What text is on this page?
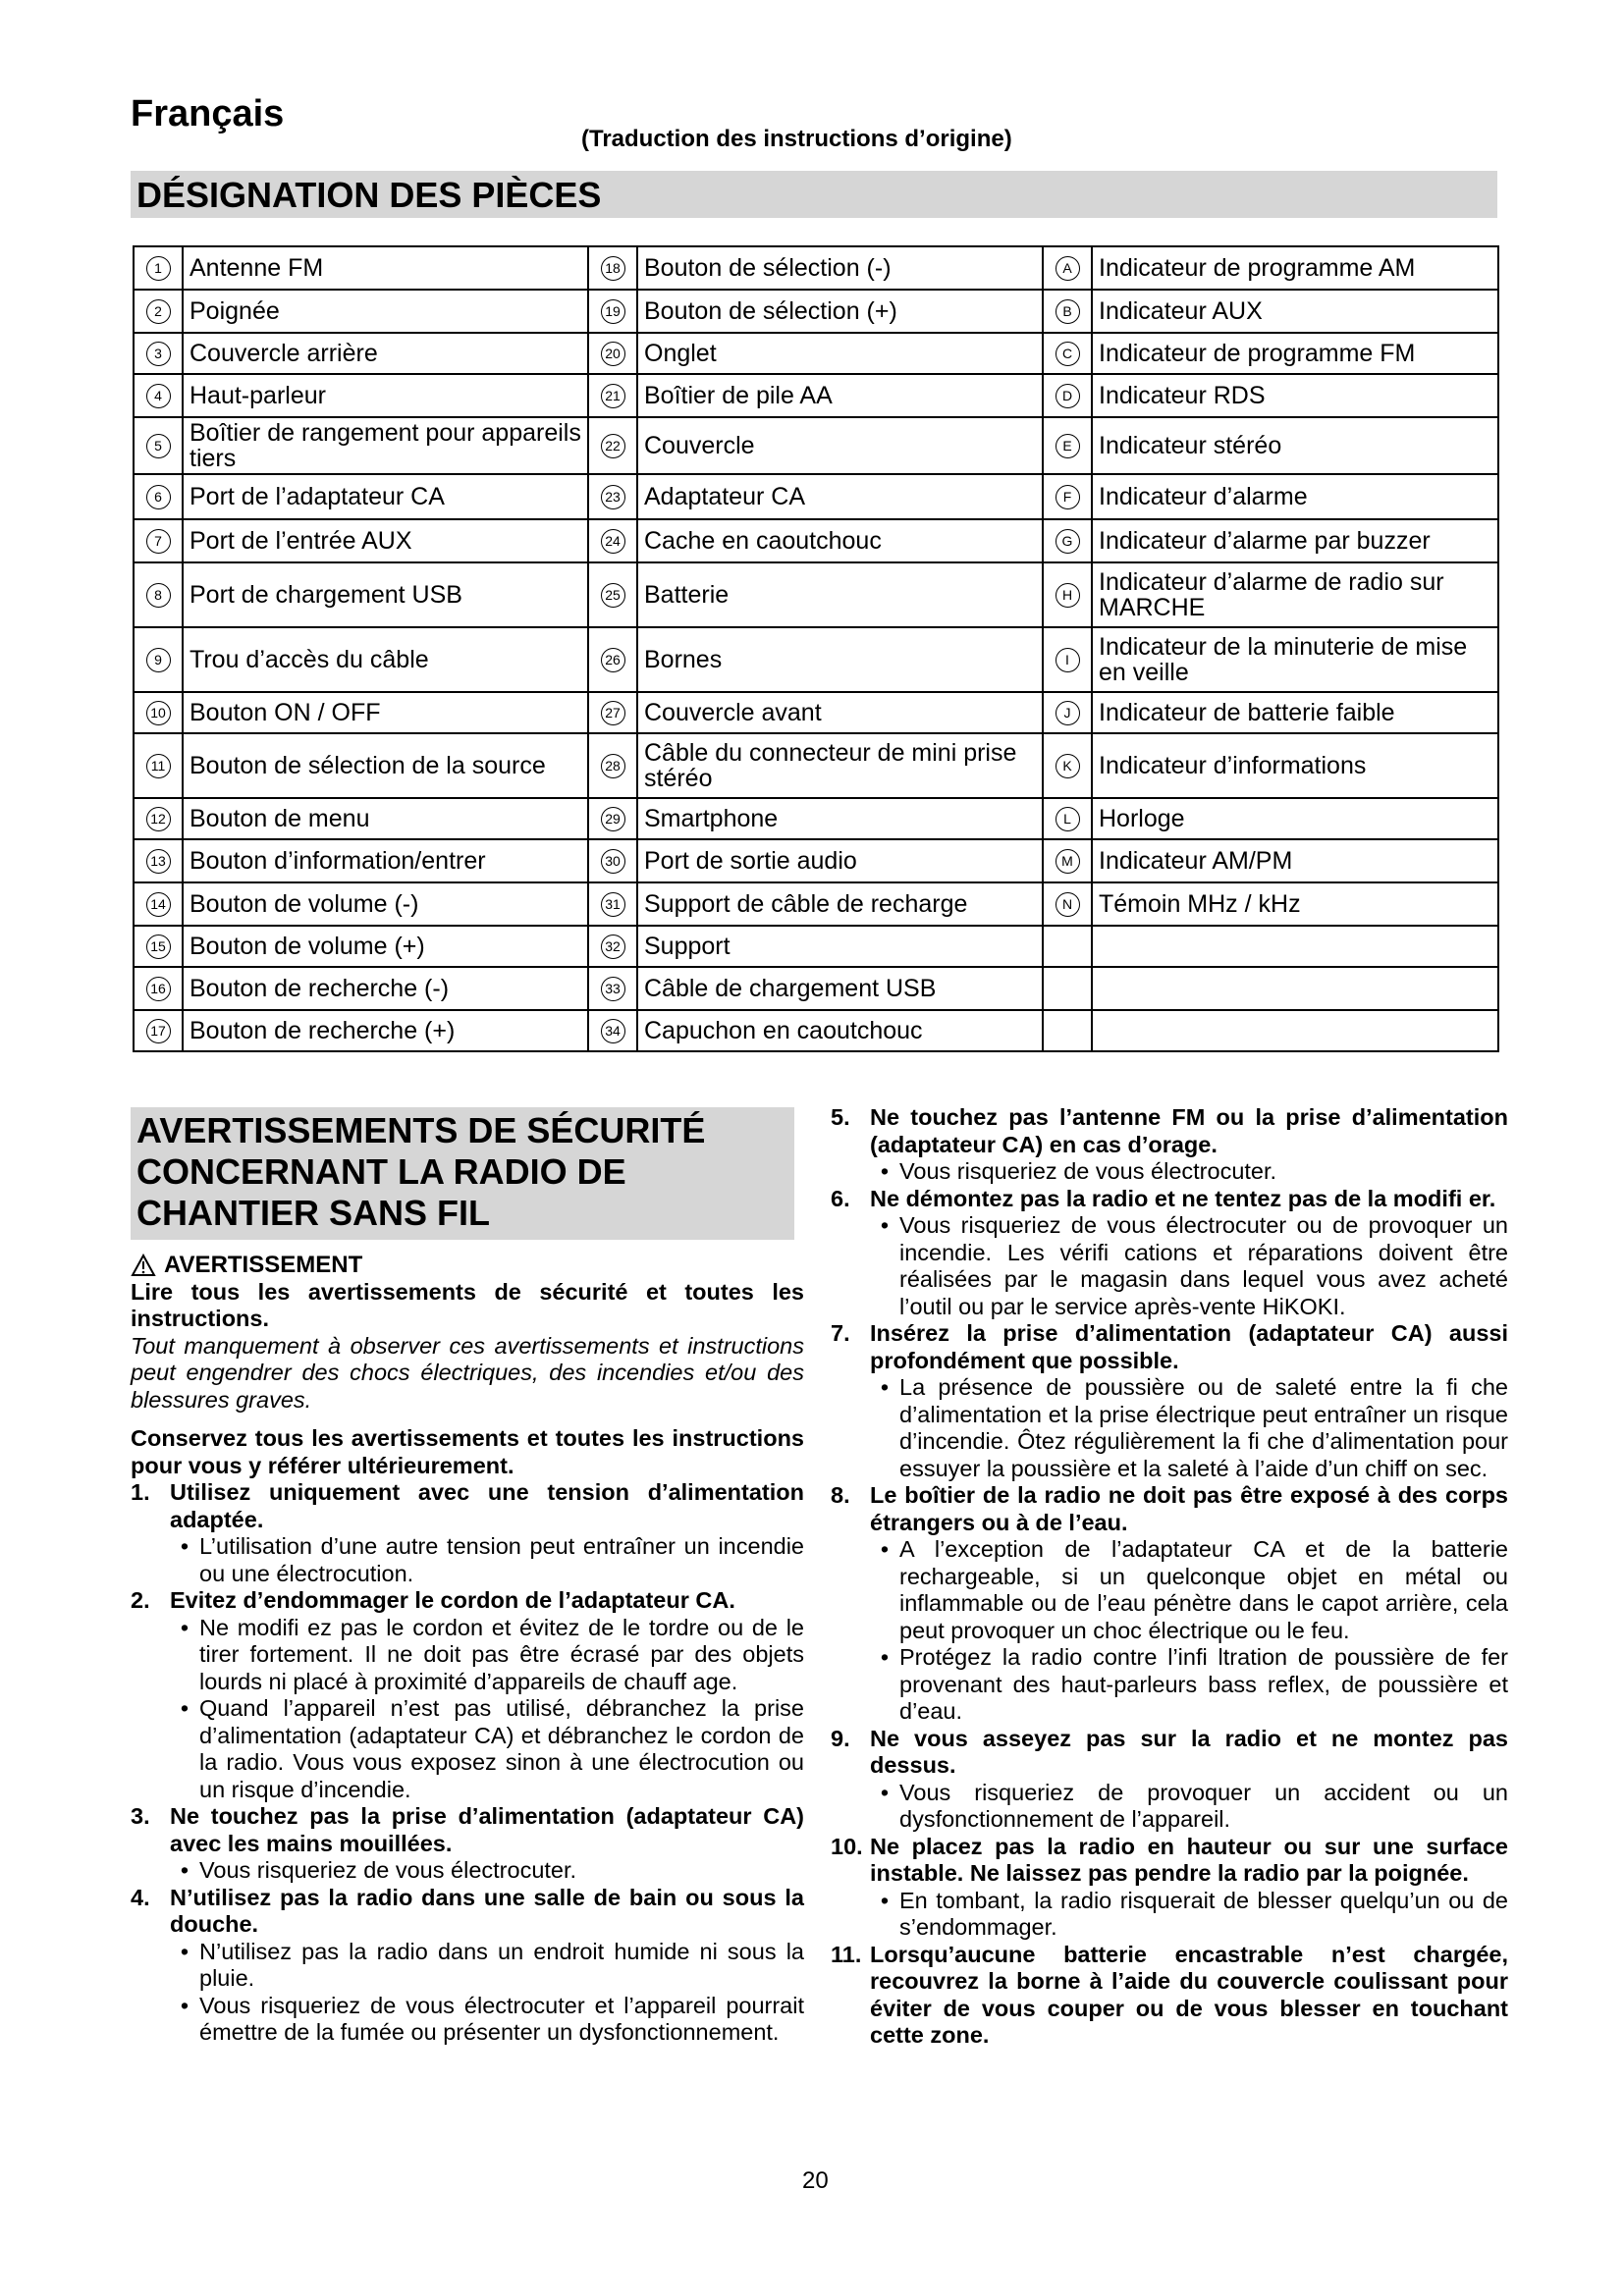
Français
(Traduction des instructions d’origine)
DÉSIGNATION DES PIÈCES
1	Antenne FM	18	Bouton de sélection (-)	A	Indicateur de programme AM
2	Poignée	19	Bouton de sélection (+)	B	Indicateur AUX
3	Couvercle arrière	20	Onglet	C	Indicateur de programme FM
4	Haut-parleur	21	Boîtier de pile AA	D	Indicateur RDS
5	Boîtier de rangement pour appareils tiers	22	Couvercle	E	Indicateur stéréo
6	Port de l’adaptateur CA	23	Adaptateur CA	F	Indicateur d’alarme
7	Port de l’entrée AUX	24	Cache en caoutchouc	G	Indicateur d’alarme par buzzer
8	Port de chargement USB	25	Batterie	H	Indicateur d’alarme de radio sur MARCHE
9	Trou d’accès du câble	26	Bornes	I	Indicateur de la minuterie de mise en veille
10	Bouton ON / OFF	27	Couvercle avant	J	Indicateur de batterie faible
11	Bouton de sélection de la source	28	Câble du connecteur de mini prise stéréo	K	Indicateur d’informations
12	Bouton de menu	29	Smartphone	L	Horloge
13	Bouton d’information/entrer	30	Port de sortie audio	M	Indicateur AM/PM
14	Bouton de volume (-)	31	Support de câble de recharge	N	Témoin MHz / kHz
15	Bouton de volume (+)	32	Support		
16	Bouton de recherche (-)	33	Câble de chargement USB		
17	Bouton de recherche (+)	34	Capuchon en caoutchouc		
AVERTISSEMENTS DE SÉCURITÉ
CONCERNANT LA RADIO DE
CHANTIER SANS FIL
AVERTISSEMENT

Lire tous les avertissements de sécurité et toutes les instructions.

Tout manquement à observer ces avertissements et instructions peut engendrer des chocs électriques, des incendies et/ou des blessures graves.

Conservez tous les avertissements et toutes les instructions pour vous y référer ultérieurement.

1. Utilisez uniquement avec une tension d’alimentation adaptée.
• L’utilisation d’une autre tension peut entraîner un incendie ou une électrocution.
2. Evitez d’endommager le cordon de l’adaptateur CA.
• Ne modifi ez pas le cordon et évitez de le tordre ou de le tirer fortement. Il ne doit pas être écrasé par des objets lourds ni placé à proximité d’appareils de chauff age.
• Quand l’appareil n’est pas utilisé, débranchez la prise d’alimentation (adaptateur CA) et débranchez le cordon de la radio. Vous vous exposez sinon à une électrocution ou un risque d’incendie.
3. Ne touchez pas la prise d’alimentation (adaptateur CA) avec les mains mouillées.
• Vous risqueriez de vous électrocuter.
4. N’utilisez pas la radio dans une salle de bain ou sous la douche.
• N’utilisez pas la radio dans un endroit humide ni sous la pluie.
• Vous risqueriez de vous électrocuter et l’appareil pourrait émettre de la fumée ou présenter un dysfonctionnement.
5. Ne touchez pas l’antenne FM ou la prise d’alimentation (adaptateur CA) en cas d’orage.
• Vous risqueriez de vous électrocuter.
6. Ne démontez pas la radio et ne tentez pas de la modifi er.
• Vous risqueriez de vous électrocuter ou de provoquer un incendie. Les vérifi cations et réparations doivent être réalisées par le magasin dans lequel vous avez acheté l’outil ou par le service après-vente HiKOKI.
7. Insérez la prise d’alimentation (adaptateur CA) aussi profondément que possible.
• La présence de poussière ou de saleté entre la fi che d’alimentation et la prise électrique peut entraîner un risque d’incendie. Ôtez régulièrement la fi che d’alimentation pour essuyer la poussière et la saleté à l’aide d’un chiff on sec.
8. Le boîtier de la radio ne doit pas être exposé à des corps étrangers ou à de l’eau.
• A l’exception de l’adaptateur CA et de la batterie rechargeable, si un quelconque objet en métal ou inflammable ou de l’eau pénètre dans le capot arrière, cela peut provoquer un choc électrique ou le feu.
• Protégez la radio contre l’infi ltration de poussière de fer provenant des haut-parleurs bass reflex, de poussière et d’eau.
9. Ne vous asseyez pas sur la radio et ne montez pas dessus.
• Vous risqueriez de provoquer un accident ou un dysfonctionnement de l’appareil.
10. Ne placez pas la radio en hauteur ou sur une surface instable. Ne laissez pas pendre la radio par la poignée.
• En tombant, la radio risquerait de blesser quelqu’un ou de s’endommager.
11. Lorsqu’aucune batterie encastrable n’est chargée, recouvrez la borne à l’aide du couvercle coulissant pour éviter de vous couper ou de vous blesser en touchant cette zone.
20
